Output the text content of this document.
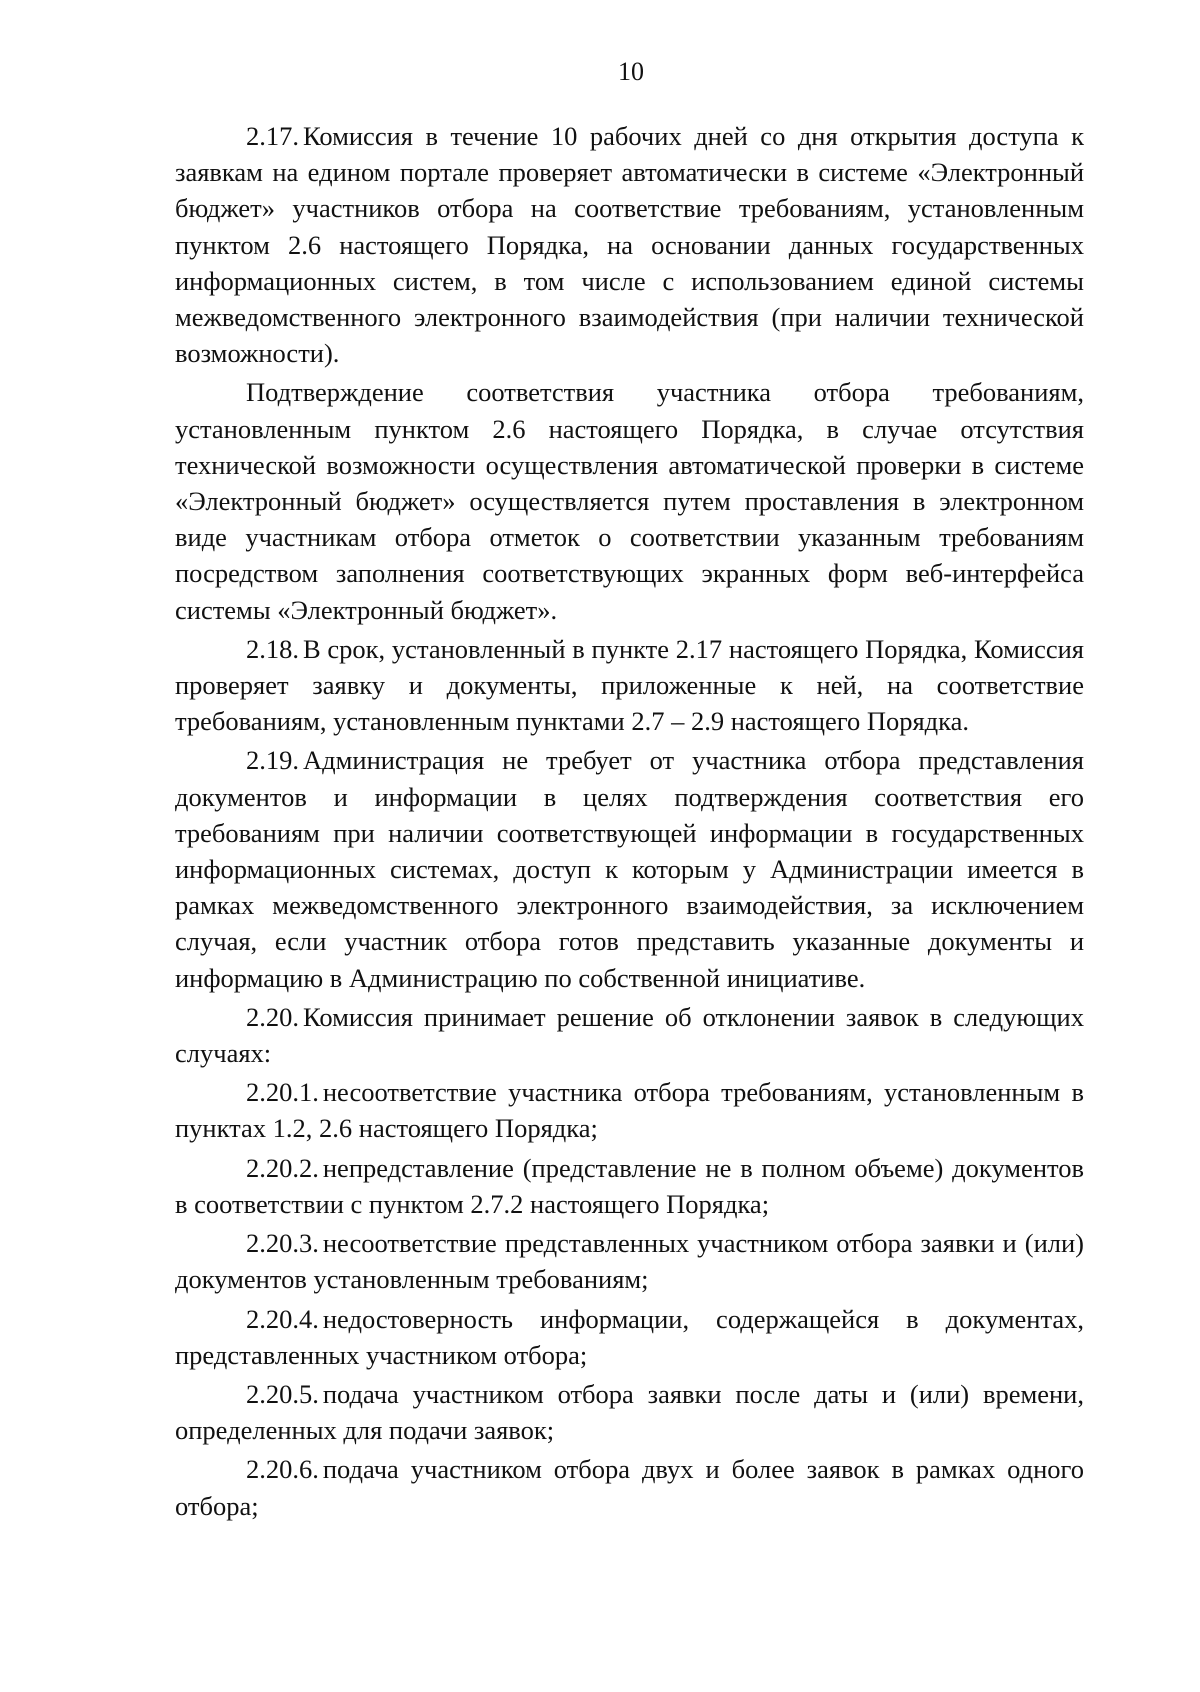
10

2.17. Комиссия в течение 10 рабочих дней со дня открытия доступа к заявкам на едином портале проверяет автоматически в системе «Электронный бюджет» участников отбора на соответствие требованиям, установленным пунктом 2.6 настоящего Порядка, на основании данных государственных информационных систем, в том числе с использованием единой системы межведомственного электронного взаимодействия (при наличии технической возможности).

Подтверждение соответствия участника отбора требованиям, установленным пунктом 2.6 настоящего Порядка, в случае отсутствия технической возможности осуществления автоматической проверки в системе «Электронный бюджет» осуществляется путем проставления в электронном виде участникам отбора отметок о соответствии указанным требованиям посредством заполнения соответствующих экранных форм веб-интерфейса системы «Электронный бюджет».

2.18. В срок, установленный в пункте 2.17 настоящего Порядка, Комиссия проверяет заявку и документы, приложенные к ней, на соответствие требованиям, установленным пунктами 2.7 – 2.9 настоящего Порядка.

2.19. Администрация не требует от участника отбора представления документов и информации в целях подтверждения соответствия его требованиям при наличии соответствующей информации в государственных информационных системах, доступ к которым у Администрации имеется в рамках межведомственного электронного взаимодействия, за исключением случая, если участник отбора готов представить указанные документы и информацию в Администрацию по собственной инициативе.

2.20. Комиссия принимает решение об отклонении заявок в следующих случаях:

2.20.1. несоответствие участника отбора требованиям, установленным в пунктах 1.2, 2.6 настоящего Порядка;

2.20.2. непредставление (представление не в полном объеме) документов в соответствии с пунктом 2.7.2 настоящего Порядка;

2.20.3. несоответствие представленных участником отбора заявки и (или) документов установленным требованиям;

2.20.4. недостоверность информации, содержащейся в документах, представленных участником отбора;

2.20.5. подача участником отбора заявки после даты и (или) времени, определенных для подачи заявок;

2.20.6. подача участником отбора двух и более заявок в рамках одного отбора;
